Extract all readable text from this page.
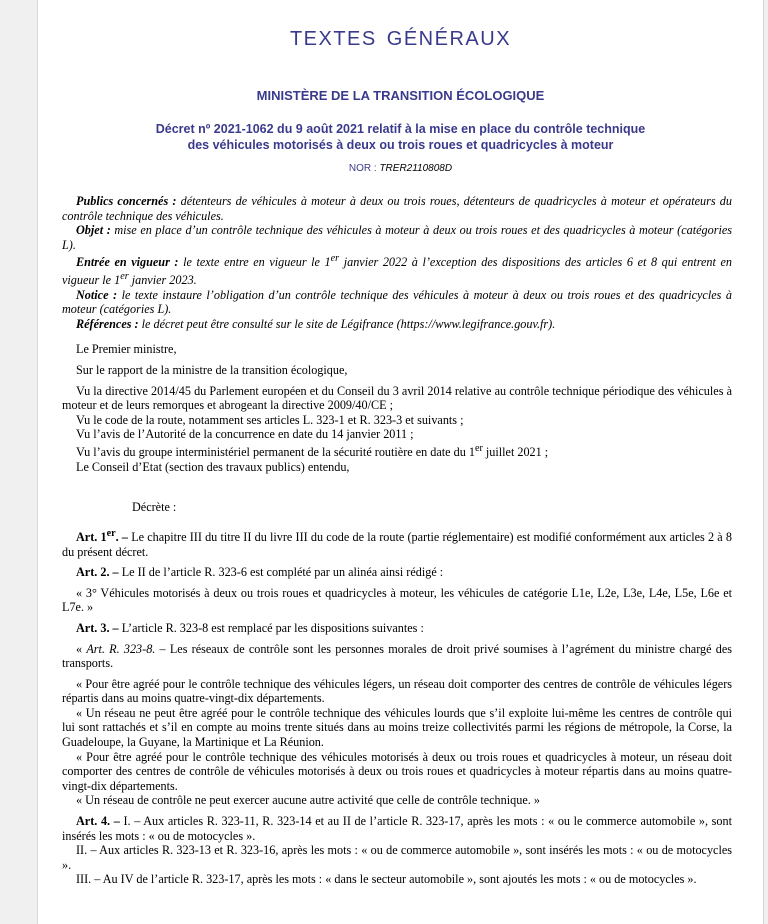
TEXTES GÉNÉRAUX
MINISTÈRE DE LA TRANSITION ÉCOLOGIQUE
Décret nº 2021-1062 du 9 août 2021 relatif à la mise en place du contrôle technique
des véhicules motorisés à deux ou trois roues et quadricycles à moteur
NOR : TRER2110808D

Publics concernés : détenteurs de véhicules à moteur à deux ou trois roues, détenteurs de quadricycles à moteur et opérateurs du contrôle technique des véhicules.

Objet : mise en place d’un contrôle technique des véhicules à moteur à deux ou trois roues et des quadricycles à moteur (catégories L).

Entrée en vigueur : le texte entre en vigueur le 1er janvier 2022 à l’exception des dispositions des articles 6 et 8 qui entrent en vigueur le 1er janvier 2023.

Notice : le texte instaure l’obligation d’un contrôle technique des véhicules à moteur à deux ou trois roues et des quadricycles à moteur (catégories L).

Références : le décret peut être consulté sur le site de Légifrance (https://www.legifrance.gouv.fr).

Le Premier ministre,

Sur le rapport de la ministre de la transition écologique,

Vu la directive 2014/45 du Parlement européen et du Conseil du 3 avril 2014 relative au contrôle technique périodique des véhicules à moteur et de leurs remorques et abrogeant la directive 2009/40/CE ;

Vu le code de la route, notamment ses articles L. 323-1 et R. 323-3 et suivants ;

Vu l’avis de l’Autorité de la concurrence en date du 14 janvier 2011 ;

Vu l’avis du groupe interministériel permanent de la sécurité routière en date du 1er juillet 2021 ;

Le Conseil d’Etat (section des travaux publics) entendu,

Décrète :

Art. 1er. – Le chapitre III du titre II du livre III du code de la route (partie réglementaire) est modifié conformément aux articles 2 à 8 du présent décret.

Art. 2. – Le II de l’article R. 323-6 est complété par un alinéa ainsi rédigé :

« 3° Véhicules motorisés à deux ou trois roues et quadricycles à moteur, les véhicules de catégorie L1e, L2e, L3e, L4e, L5e, L6e et L7e. »

Art. 3. – L’article R. 323-8 est remplacé par les dispositions suivantes :

« Art. R. 323-8. – Les réseaux de contrôle sont les personnes morales de droit privé soumises à l’agrément du ministre chargé des transports.

« Pour être agréé pour le contrôle technique des véhicules légers, un réseau doit comporter des centres de contrôle de véhicules légers répartis dans au moins quatre-vingt-dix départements.

« Un réseau ne peut être agréé pour le contrôle technique des véhicules lourds que s’il exploite lui-même les centres de contrôle qui lui sont rattachés et s’il en compte au moins trente situés dans au moins treize collectivités parmi les régions de métropole, la Corse, la Guadeloupe, la Guyane, la Martinique et La Réunion.

« Pour être agréé pour le contrôle technique des véhicules motorisés à deux ou trois roues et quadricycles à moteur, un réseau doit comporter des centres de contrôle de véhicules motorisés à deux ou trois roues et quadricycles à moteur répartis dans au moins quatre-vingt-dix départements.

« Un réseau de contrôle ne peut exercer aucune autre activité que celle de contrôle technique. »

Art. 4. – I. – Aux articles R. 323-11, R. 323-14 et au II de l’article R. 323-17, après les mots : « ou le commerce automobile », sont insérés les mots : « ou de motocycles ».

II. – Aux articles R. 323-13 et R. 323-16, après les mots : « ou de commerce automobile », sont insérés les mots : « ou de motocycles ».

III. – Au IV de l’article R. 323-17, après les mots : « dans le secteur automobile », sont ajoutés les mots : « ou de motocycles ».
